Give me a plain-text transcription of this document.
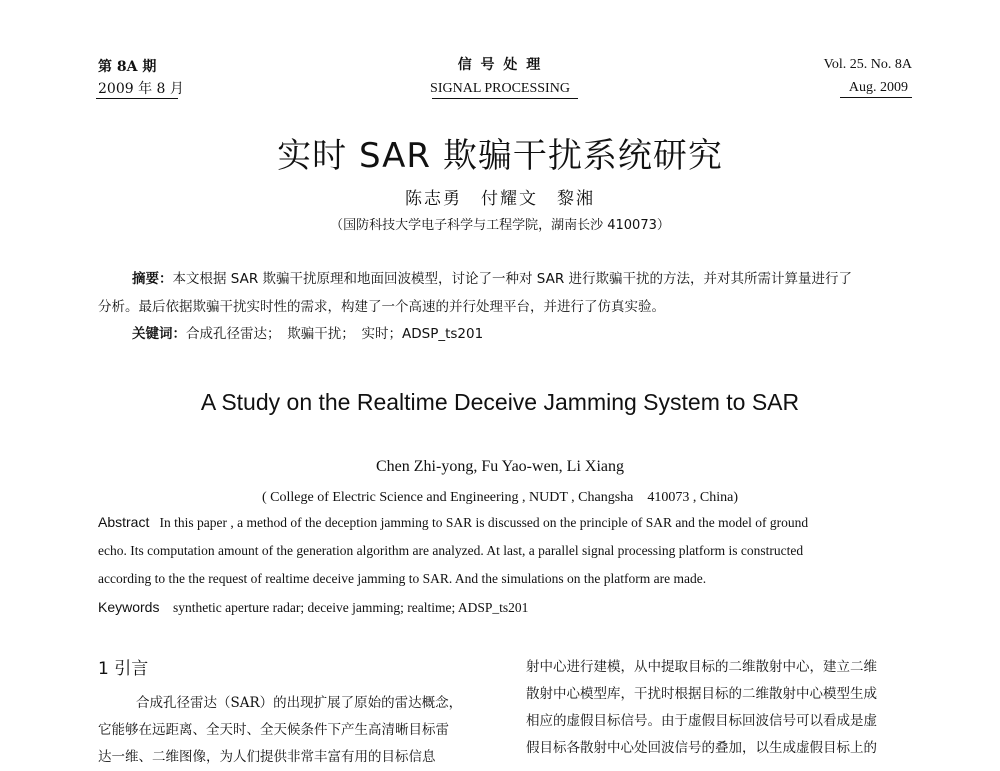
第 8A 期
2009 年 8 月
信 号 处 理
SIGNAL PROCESSING
Vol. 25. No. 8A
Aug. 2009
实时 SAR 欺骗干扰系统研究
陈志勇　付耀文　黎湘
（国防科技大学电子科学与工程学院，湖南长沙 410073）
摘要：本文根据 SAR 欺骗干扰原理和地面回波模型，讨论了一种对 SAR 进行欺骗干扰的方法，并对其所需计算量进行了
分析。最后依据欺骗干扰实时性的需求，构建了一个高速的并行处理平台，并进行了仿真实验。
关键词：合成孔径雷达；　欺骗干扰；　实时；ADSP_ts201
A Study on the Realtime Deceive Jamming System to SAR
Chen Zhi-yong, Fu Yao-wen, Li Xiang
( College of Electric Science and Engineering , NUDT , Changsha　410073 , China)
Abstract In this paper , a method of the deception jamming to SAR is discussed on the principle of SAR and the model of ground
echo. Its computation amount of the generation algorithm are analyzed. At last, a parallel signal processing platform is constructed
according to the the request of realtime deceive jamming to SAR. And the simulations on the platform are made.
Keywords synthetic aperture radar; deceive jamming; realtime; ADSP_ts201
1 引言
合成孔径雷达（SAR）的出现扩展了原始的雷达概念，
它能够在远距离、全天时、全天候条件下产生高清晰目标雷
达一维、二维图像，为人们提供非常丰富有用的目标信息
射中心进行建模，从中提取目标的二维散射中心，建立二维
散射中心模型库，干扰时根据目标的二维散射中心模型生成
相应的虚假目标信号。由于虚假目标回波信号可以看成是虚
假目标各散射中心处回波信号的叠加，以生成虚假目标上的
